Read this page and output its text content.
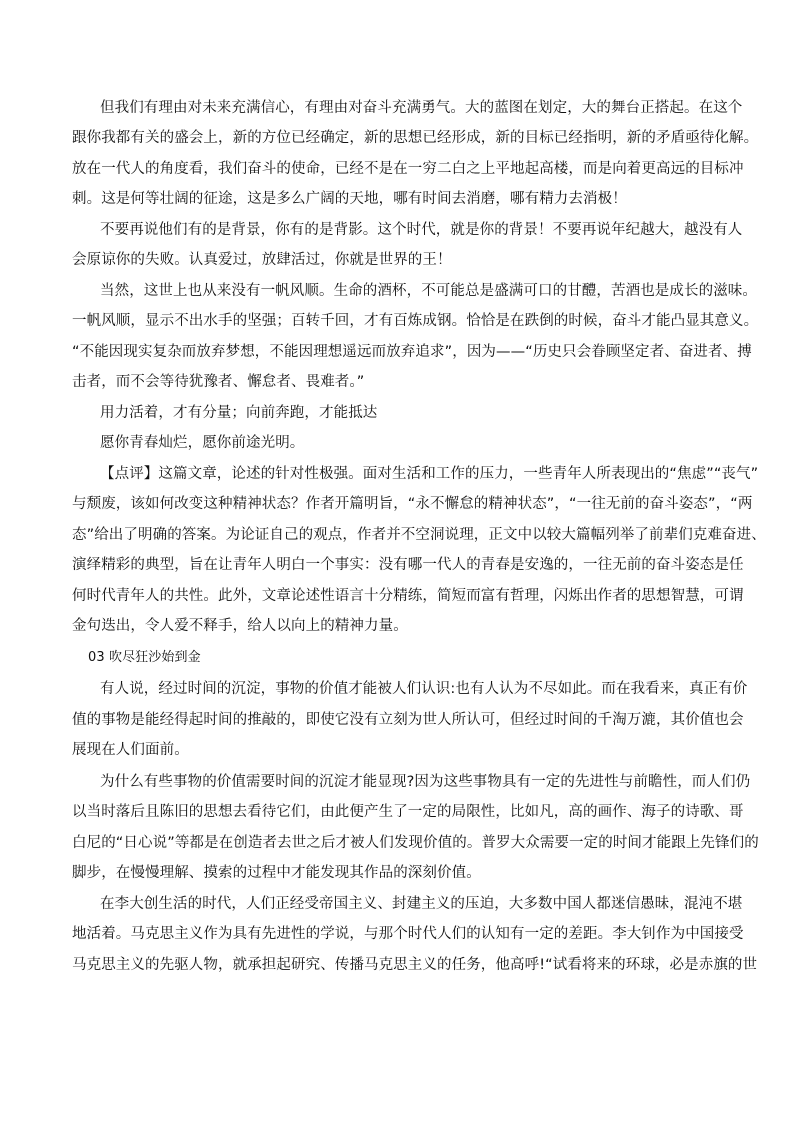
但我们有理由对未来充满信心，有理由对奋斗充满勇气。大的蓝图在划定，大的舞台正搭起。在这个
跟你我都有关的盛会上，新的方位已经确定，新的思想已经形成，新的目标已经指明，新的矛盾亟待化解。
放在一代人的角度看，我们奋斗的使命，已经不是在一穷二白之上平地起高楼，而是向着更高远的目标冲
刺。这是何等壮阔的征途，这是多么广阔的天地，哪有时间去消磨，哪有精力去消极！
不要再说他们有的是背景，你有的是背影。这个时代，就是你的背景！不要再说年纪越大，越没有人
会原谅你的失败。认真爱过，放肆活过，你就是世界的王！
当然，这世上也从来没有一帆风顺。生命的酒杯，不可能总是盛满可口的甘醴，苦酒也是成长的滋味。
一帆风顺，显示不出水手的坚强；百转千回，才有百炼成钢。恰恰是在跌倒的时候，奋斗才能凸显其意义。
“不能因现实复杂而放弃梦想，不能因理想遥远而放弃追求”，因为——“历史只会眷顾坚定者、奋进者、搏
击者，而不会等待犹豫者、懈怠者、畏难者。”
用力活着，才有分量；向前奔跑，才能抵达
愿你青春灿烂，愿你前途光明。
【点评】这篇文章，论述的针对性极强。面对生活和工作的压力，一些青年人所表现出的“焦虑”“丧气”
与颓废，该如何改变这种精神状态？作者开篇明旨，“永不懈怠的精神状态”，“一往无前的奋斗姿态”，“两
态”给出了明确的答案。为论证自己的观点，作者并不空洞说理，正文中以较大篇幅列举了前辈们克难奋进、
演绎精彩的典型，旨在让青年人明白一个事实：没有哪一代人的青春是安逸的，一往无前的奋斗姿态是任
何时代青年人的共性。此外，文章论述性语言十分精练，简短而富有哲理，闪烁出作者的思想智慧，可谓
金句迭出，令人爱不释手，给人以向上的精神力量。
03 吹尽狂沙始到金
有人说，经过时间的沉淀，事物的价值才能被人们认识:也有人认为不尽如此。而在我看来，真正有价
值的事物是能经得起时间的推敲的，即使它没有立刻为世人所认可，但经过时间的千淘万漉，其价值也会
展现在人们面前。
为什么有些事物的价值需要时间的沉淀才能显现?因为这些事物具有一定的先进性与前瞻性，而人们仍
以当时落后且陈旧的思想去看待它们，由此便产生了一定的局限性，比如凡，高的画作、海子的诗歌、哥
白尼的“日心说”等都是在创造者去世之后才被人们发现价值的。普罗大众需要一定的时间才能跟上先锋们的
脚步，在慢慢理解、摸索的过程中才能发现其作品的深刻价值。
在李大创生活的时代，人们正经受帝国主义、封建主义的压迫，大多数中国人都迷信愚昧，混沌不堪
地活着。马克思主义作为具有先进性的学说，与那个时代人们的认知有一定的差距。李大钊作为中国接受
马克思主义的先驱人物，就承担起研究、传播马克思主义的任务，他高呼!“试看将来的环球，必是赤旗的世
